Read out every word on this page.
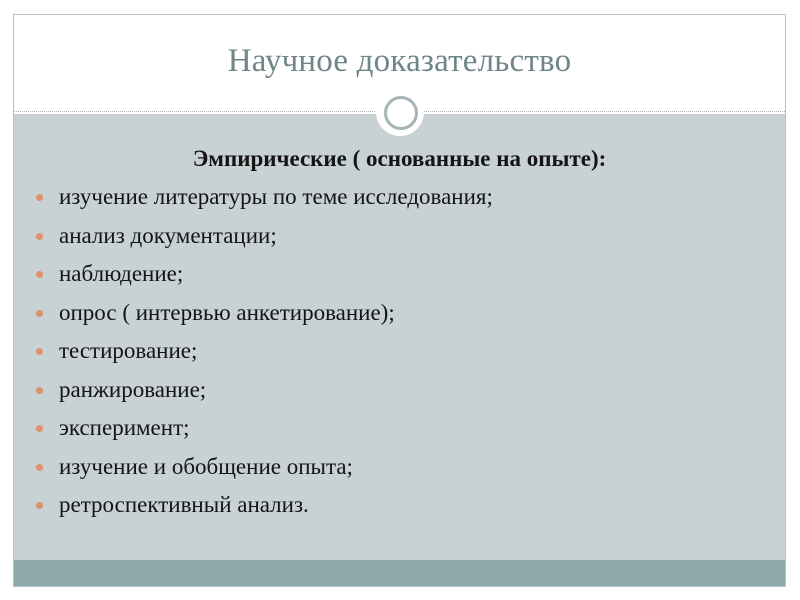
Научное доказательство
Эмпирические ( основанные на опыте):
изучение литературы по теме исследования;
анализ документации;
наблюдение;
опрос ( интервью анкетирование);
тестирование;
ранжирование;
эксперимент;
изучение и обобщение опыта;
ретроспективный анализ.
